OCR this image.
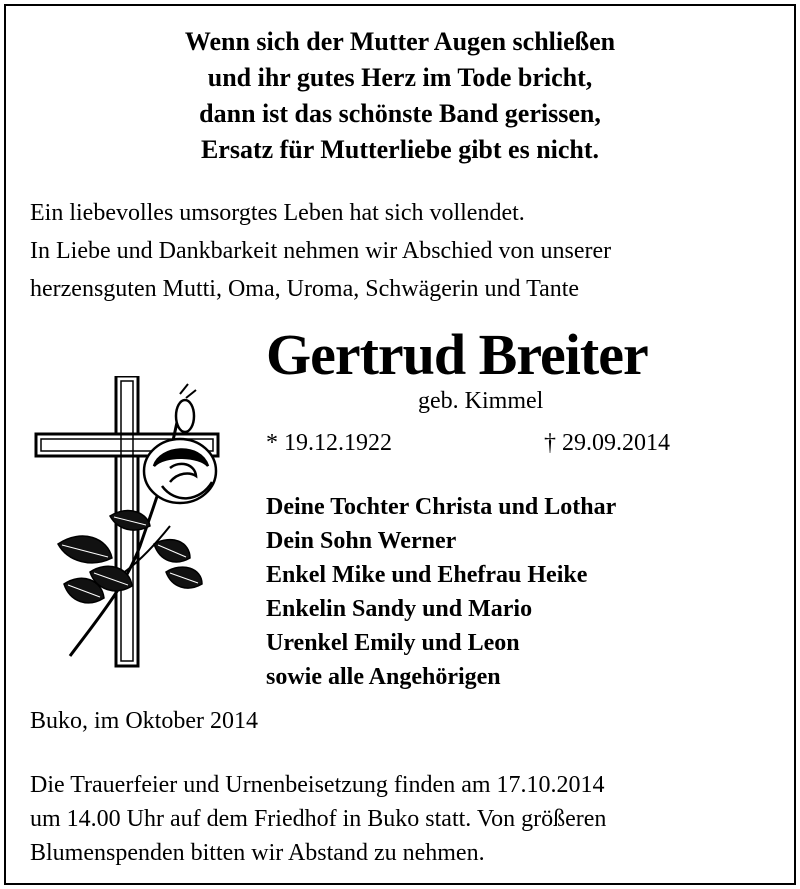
Wenn sich der Mutter Augen schließen
und ihr gutes Herz im Tode bricht,
dann ist das schönste Band gerissen,
Ersatz für Mutterliebe gibt es nicht.
Ein liebevolles umsorgtes Leben hat sich vollendet.
In Liebe und Dankbarkeit nehmen wir Abschied von unserer
herzensguten Mutti, Oma, Uroma, Schwägerin und Tante
Gertrud Breiter
geb. Kimmel
* 19.12.1922	† 29.09.2014
Deine Tochter Christa und Lothar
Dein Sohn Werner
Enkel Mike und Ehefrau Heike
Enkelin Sandy und Mario
Urenkel Emily und Leon
sowie alle Angehörigen
Buko, im Oktober 2014
Die Trauerfeier und Urnenbeisetzung finden am 17.10.2014
um 14.00 Uhr auf dem Friedhof in Buko statt. Von größeren
Blumenspenden bitten wir Abstand zu nehmen.
